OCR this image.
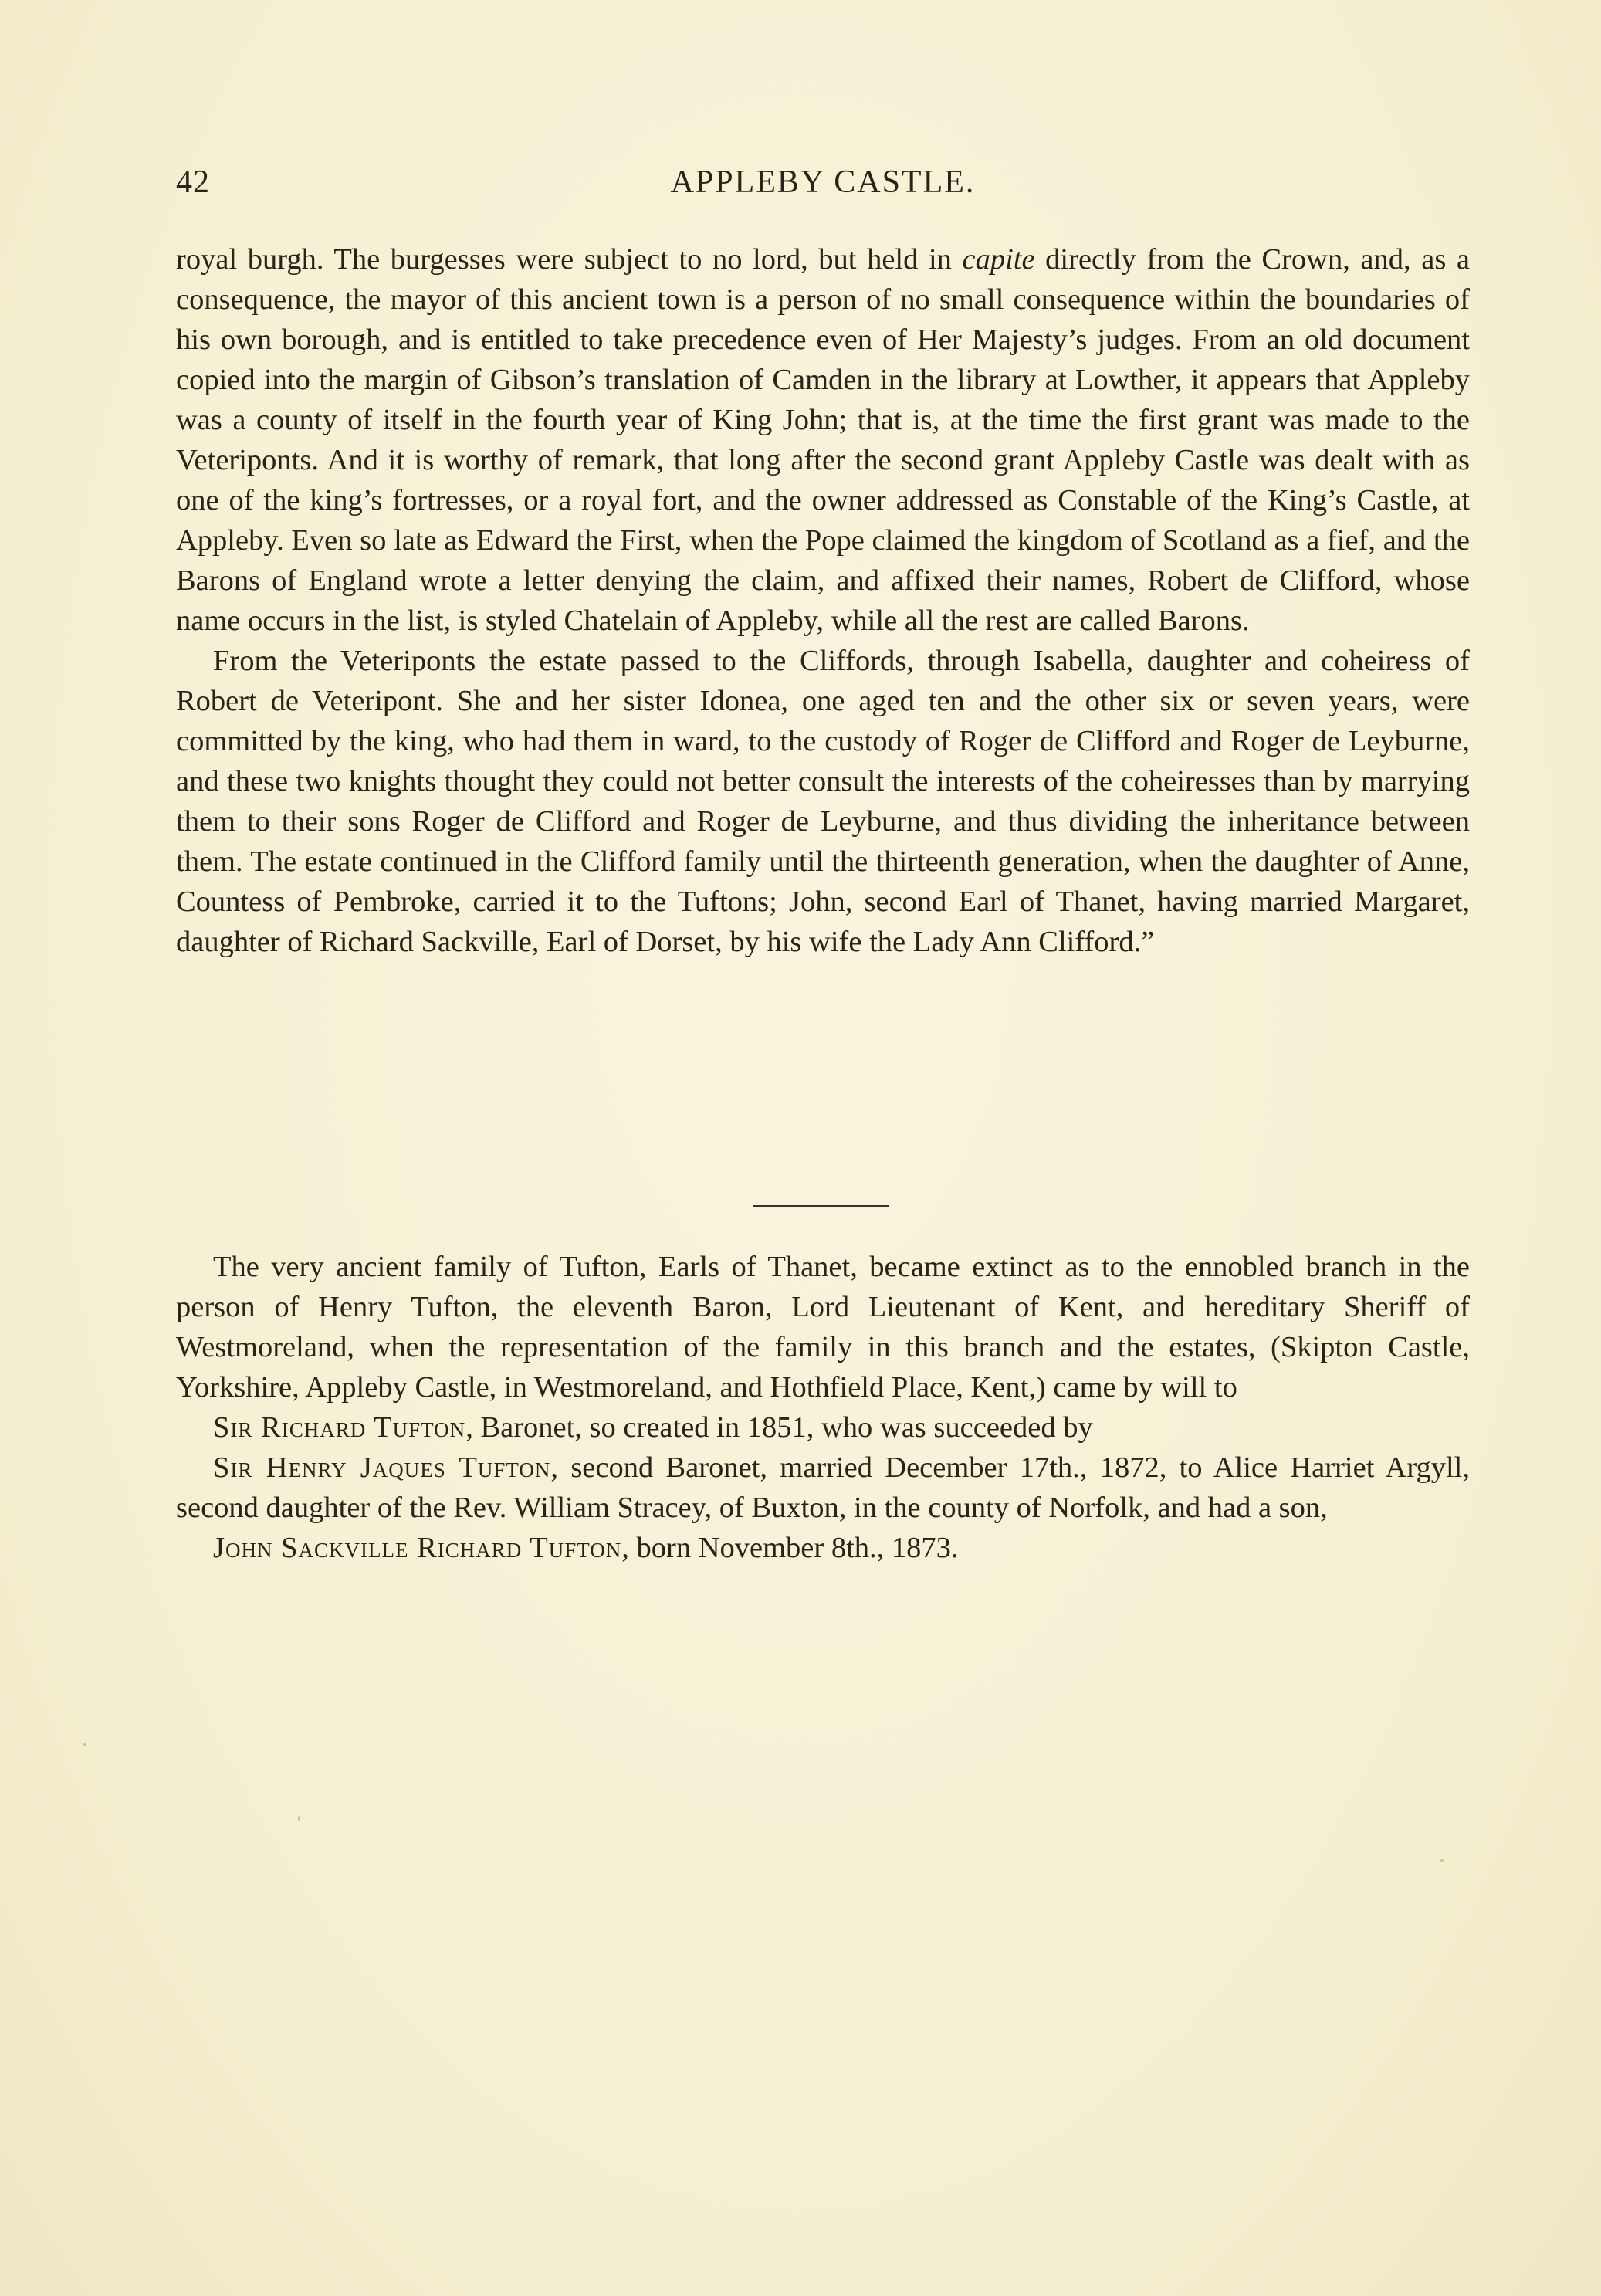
42	APPLEBY CASTLE.

royal burgh. The burgesses were subject to no lord, but held in capite directly from the Crown, and, as a consequence, the mayor of this ancient town is a person of no small consequence within the boundaries of his own borough, and is entitled to take precedence even of Her Majesty’s judges. From an old document copied into the margin of Gibson’s translation of Camden in the library at Lowther, it appears that Appleby was a county of itself in the fourth year of King John; that is, at the time the first grant was made to the Veteriponts. And it is worthy of remark, that long after the second grant Appleby Castle was dealt with as one of the king’s fortresses, or a royal fort, and the owner addressed as Constable of the King’s Castle, at Appleby. Even so late as Edward the First, when the Pope claimed the kingdom of Scotland as a fief, and the Barons of England wrote a letter denying the claim, and affixed their names, Robert de Clifford, whose name occurs in the list, is styled Chatelain of Appleby, while all the rest are called Barons.

From the Veteriponts the estate passed to the Cliffords, through Isabella, daughter and coheiress of Robert de Veteripont. She and her sister Idonea, one aged ten and the other six or seven years, were committed by the king, who had them in ward, to the custody of Roger de Clifford and Roger de Leyburne, and these two knights thought they could not better consult the interests of the coheiresses than by marrying them to their sons Roger de Clifford and Roger de Leyburne, and thus dividing the inheritance between them. The estate continued in the Clifford family until the thirteenth generation, when the daughter of Anne, Countess of Pembroke, carried it to the Tuftons; John, second Earl of Thanet, having married Margaret, daughter of Richard Sackville, Earl of Dorset, by his wife the Lady Ann Clifford.”

The very ancient family of Tufton, Earls of Thanet, became extinct as to the ennobled branch in the person of Henry Tufton, the eleventh Baron, Lord Lieutenant of Kent, and hereditary Sheriff of Westmoreland, when the representation of the family in this branch and the estates, (Skipton Castle, Yorkshire, Appleby Castle, in Westmoreland, and Hothfield Place, Kent,) came by will to

Sir Richard Tufton, Baronet, so created in 1851, who was succeeded by

Sir Henry Jaques Tufton, second Baronet, married December 17th., 1872, to Alice Harriet Argyll, second daughter of the Rev. William Stracey, of Buxton, in the county of Norfolk, and had a son,

John Sackville Richard Tufton, born November 8th., 1873.
